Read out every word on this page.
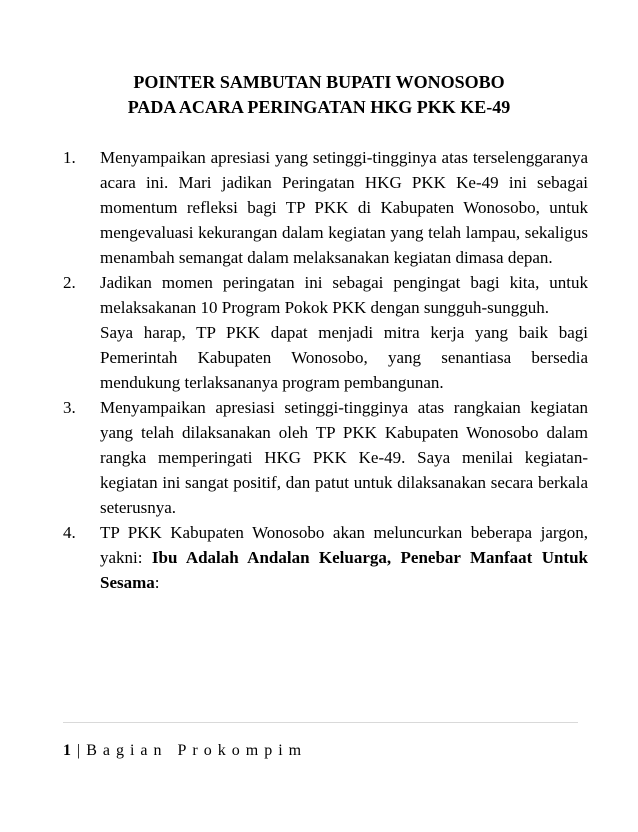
POINTER SAMBUTAN BUPATI WONOSOBO
PADA ACARA PERINGATAN HKG PKK KE-49
1. Menyampaikan apresiasi yang setinggi-tingginya atas terselenggaranya acara ini. Mari jadikan Peringatan HKG PKK Ke-49 ini sebagai momentum refleksi bagi TP PKK di Kabupaten Wonosobo, untuk mengevaluasi kekurangan dalam kegiatan yang telah lampau, sekaligus menambah semangat dalam melaksanakan kegiatan dimasa depan.
2. Jadikan momen peringatan ini sebagai pengingat bagi kita, untuk melaksakanan 10 Program Pokok PKK dengan sungguh-sungguh.
Saya harap, TP PKK dapat menjadi mitra kerja yang baik bagi Pemerintah Kabupaten Wonosobo, yang senantiasa bersedia mendukung terlaksananya program pembangunan.
3. Menyampaikan apresiasi setinggi-tingginya atas rangkaian kegiatan yang telah dilaksanakan oleh TP PKK Kabupaten Wonosobo dalam rangka memperingati HKG PKK Ke-49. Saya menilai kegiatan-kegiatan ini sangat positif, dan patut untuk dilaksanakan secara berkala seterusnya.
4. TP PKK Kabupaten Wonosobo akan meluncurkan beberapa jargon, yakni: Ibu Adalah Andalan Keluarga, Penebar Manfaat Untuk Sesama:
1 | Bagian Prokompim
